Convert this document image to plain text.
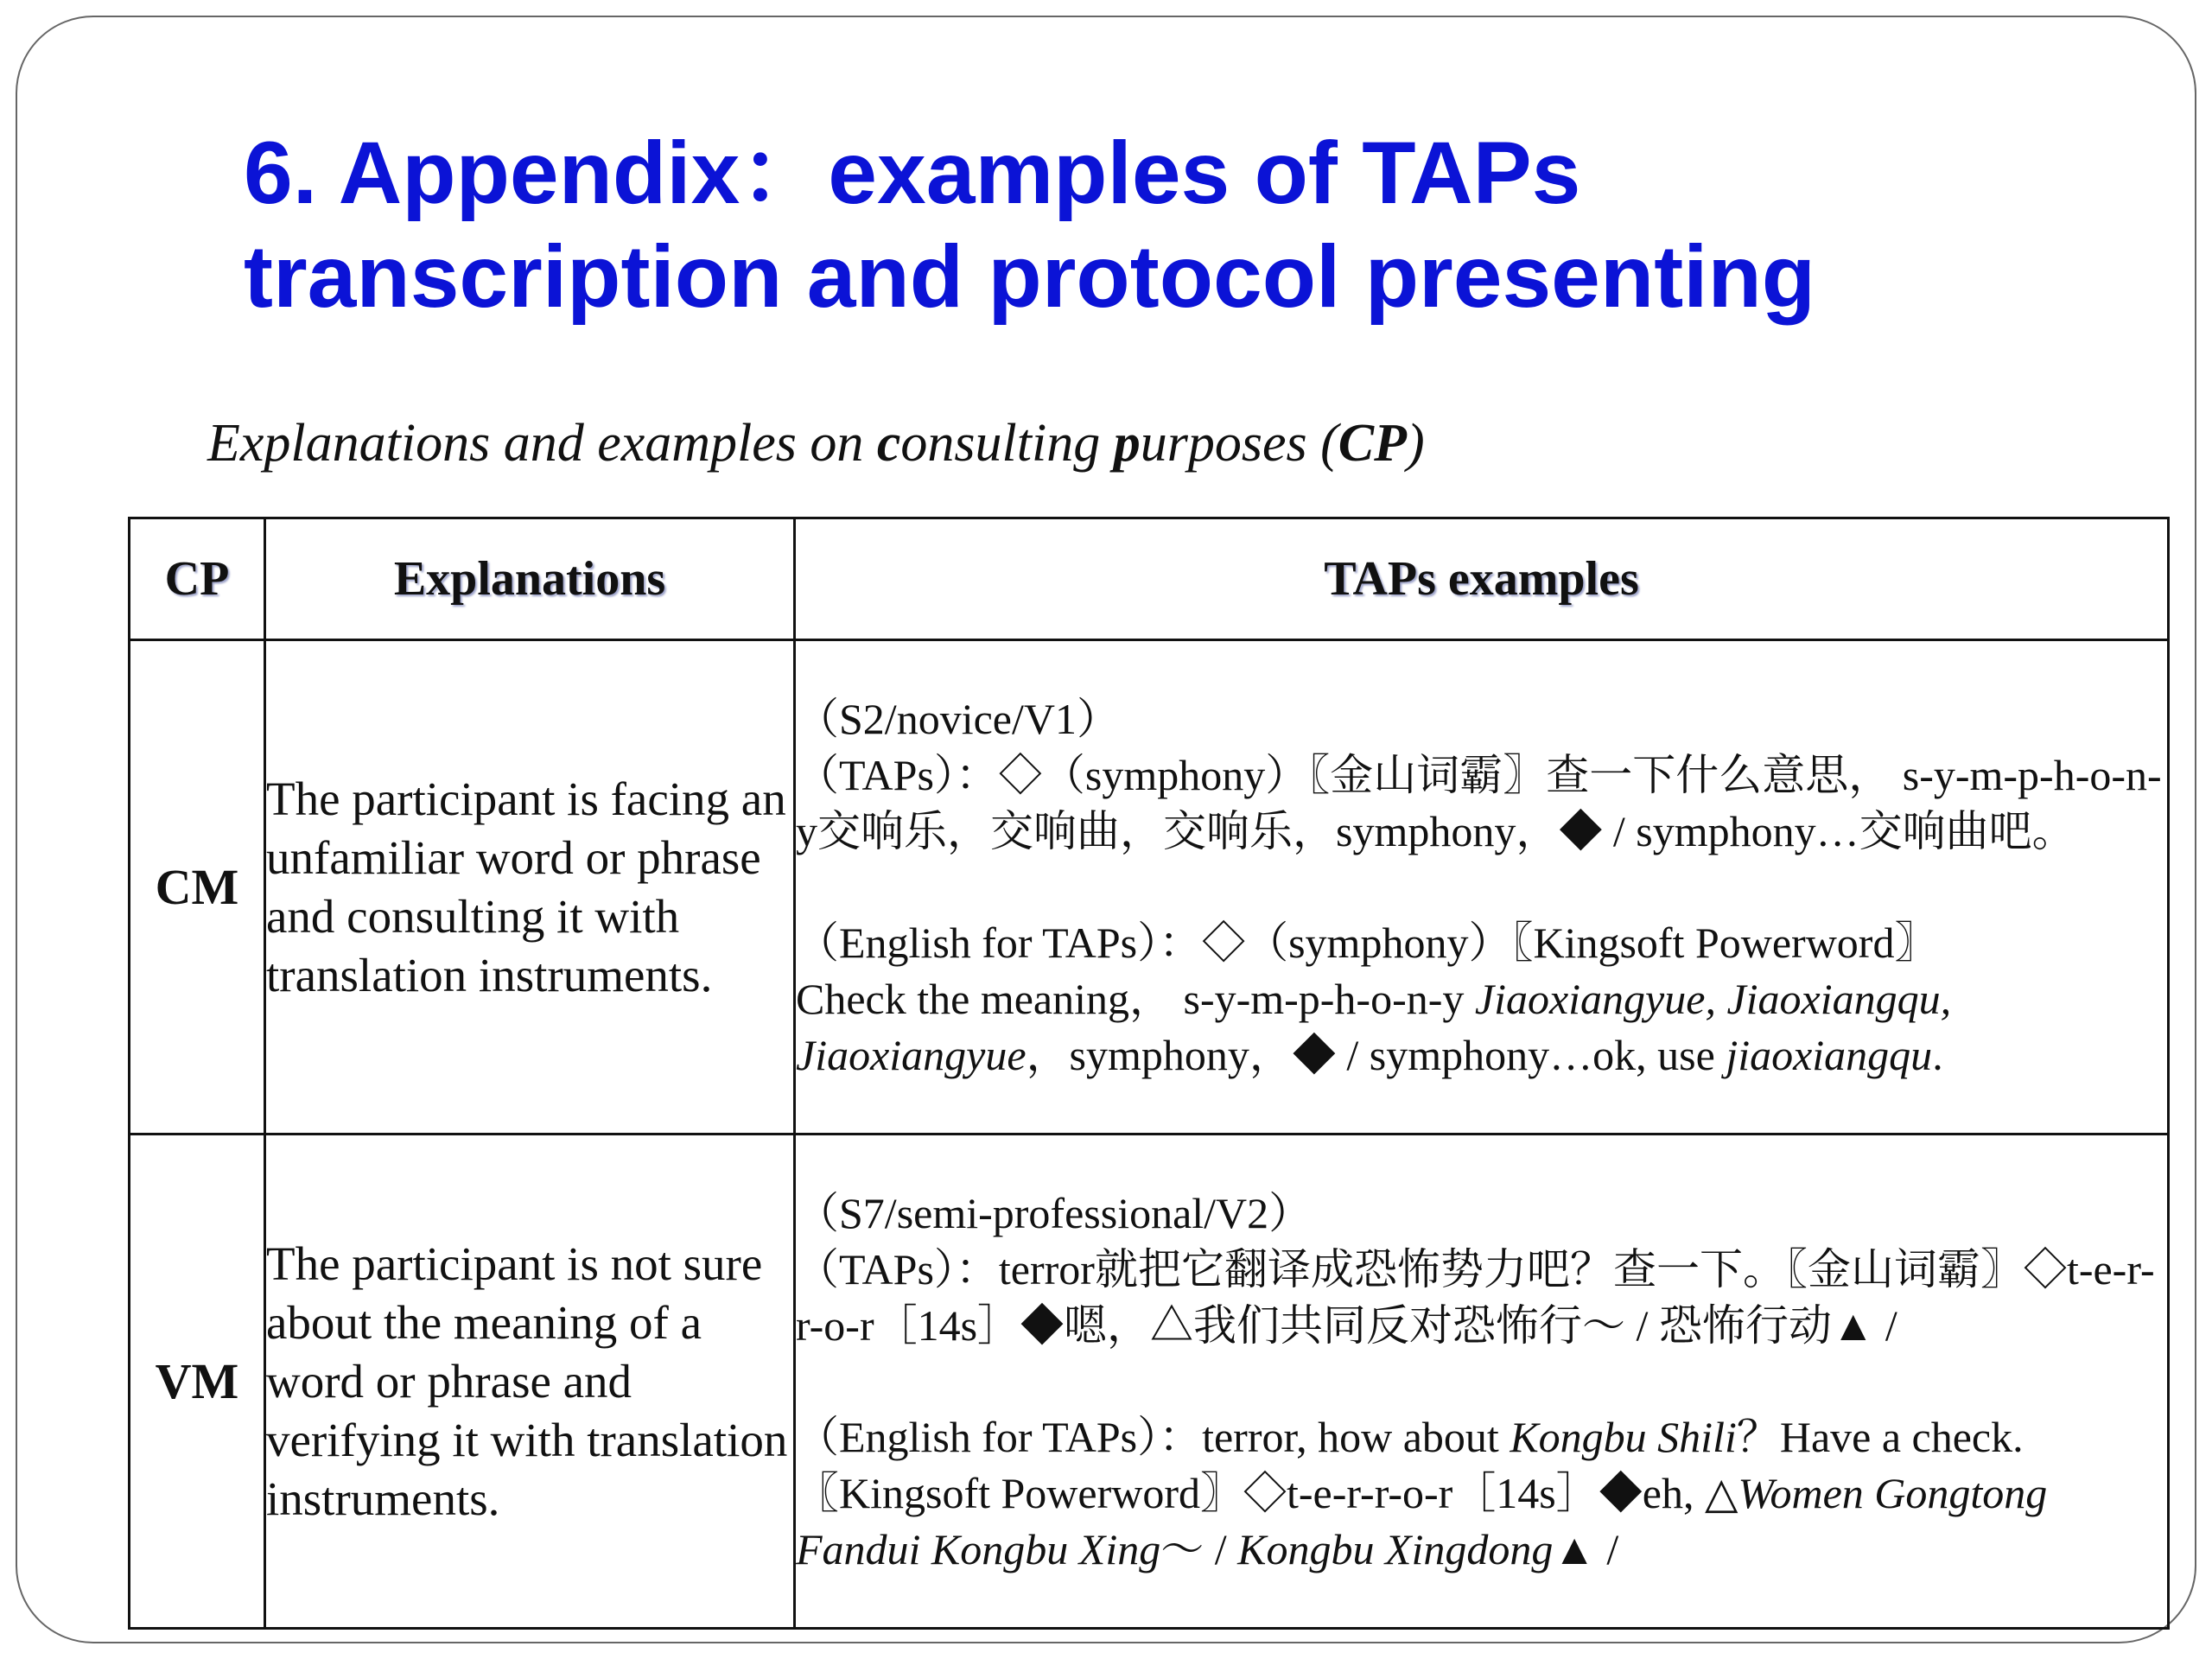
6. Appendix：examples of TAPs
transcription and protocol presenting
Explanations and examples on consulting purposes (CP)
CP	Explanations	TAPs examples
CM	The participant is facing an unfamiliar word or phrase and consulting it with translation instruments.	（S2/novice/V1）
（TAPs）：◇（symphony）〖金山词霸〗查一下什么意思， s-y-m-p-h-o-n-y交响乐，交响曲，交响乐，symphony，◆ / symphony…交响曲吧。
（English for TAPs）：◇（symphony）〖Kingsoft Powerword〗
Check the meaning， s-y-m-p-h-o-n-y Jiaoxiangyue, Jiaoxiangqu,
Jiaoxiangyue，symphony，◆ / symphony…ok, use jiaoxiangqu.

VM	The participant is not sure about the meaning of a word or phrase and verifying it with translation instruments.	（S7/semi-professional/V2）
（TAPs）：terror就把它翻译成恐怖势力吧？查一下。〖金山词霸〗◇t-e-r-r-o-r［14s］◆嗯，△我们共同反对恐怖行～ / 恐怖行动▲ /
（English for TAPs）：terror, how about Kongbu Shili？Have a check.
〖Kingsoft Powerword〗◇t-e-r-r-o-r［14s］◆eh, △Women Gongtong
Fandui Kongbu Xing～ / Kongbu Xingdong▲ /
